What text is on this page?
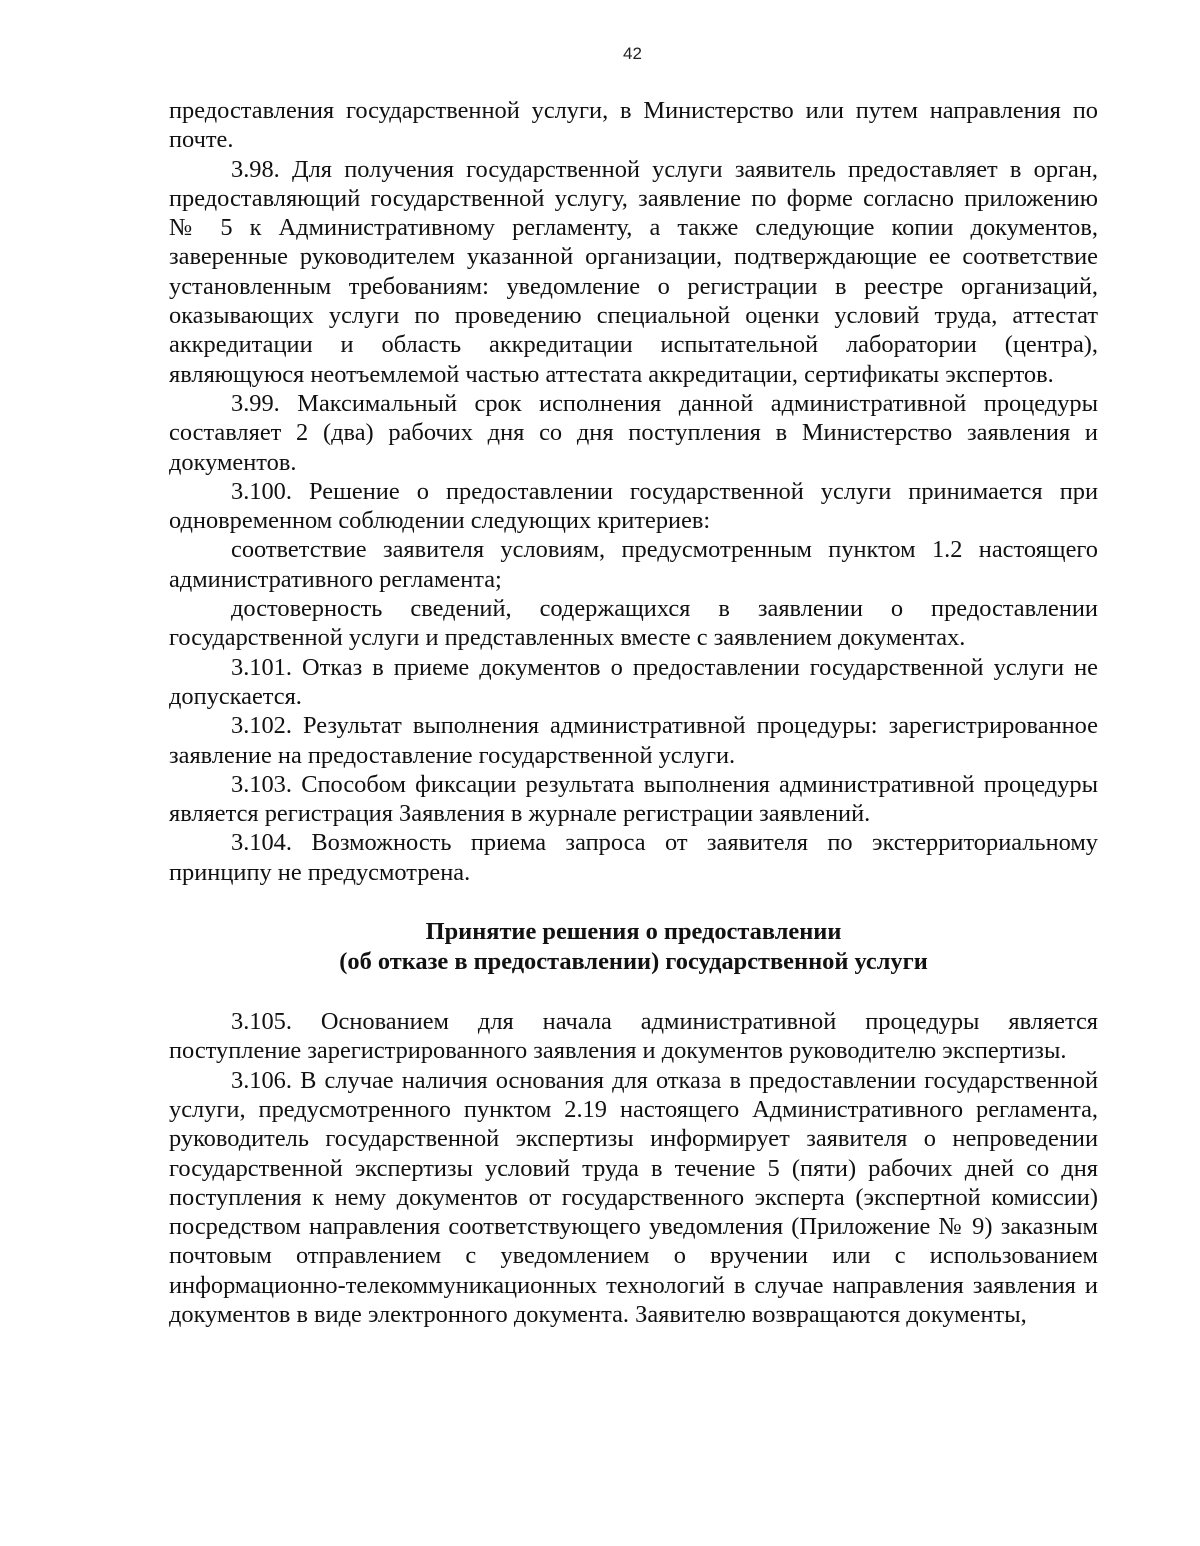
42

предоставления государственной услуги, в Министерство или путем направления по почте.

3.98. Для получения государственной услуги заявитель предоставляет в орган, предоставляющий государственной услугу, заявление по форме согласно приложению № 5 к Административному регламенту, а также следующие копии документов, заверенные руководителем указанной организации, подтверждающие ее соответствие установленным требованиям: уведомление о регистрации в реестре организаций, оказывающих услуги по проведению специальной оценки условий труда, аттестат аккредитации и область аккредитации испытательной лаборатории (центра), являющуюся неотъемлемой частью аттестата аккредитации, сертификаты экспертов.

3.99. Максимальный срок исполнения данной административной процедуры составляет 2 (два) рабочих дня со дня поступления в Министерство заявления и документов.

3.100. Решение о предоставлении государственной услуги принимается при одновременном соблюдении следующих критериев:

соответствие заявителя условиям, предусмотренным пунктом 1.2 настоящего административного регламента;

достоверность сведений, содержащихся в заявлении о предоставлении государственной услуги и представленных вместе с заявлением документах.

3.101. Отказ в приеме документов о предоставлении государственной услуги не допускается.

3.102. Результат выполнения административной процедуры: зарегистрированное заявление на предоставление государственной услуги.

3.103. Способом фиксации результата выполнения административной процедуры является регистрация Заявления в журнале регистрации заявлений.

3.104. Возможность приема запроса от заявителя по экстерриториальному принципу не предусмотрена.

Принятие решения о предоставлении
(об отказе в предоставлении) государственной услуги

3.105. Основанием для начала административной процедуры является поступление зарегистрированного заявления и документов руководителю экспертизы.

3.106. В случае наличия основания для отказа в предоставлении государственной услуги, предусмотренного пунктом 2.19 настоящего Административного регламента, руководитель государственной экспертизы информирует заявителя о непроведении государственной экспертизы условий труда в течение 5 (пяти) рабочих дней со дня поступления к нему документов от государственного эксперта (экспертной комиссии) посредством направления соответствующего уведомления (Приложение № 9) заказным почтовым отправлением с уведомлением о вручении или с использованием информационно-телекоммуникационных технологий в случае направления заявления и документов в виде электронного документа. Заявителю возвращаются документы,
